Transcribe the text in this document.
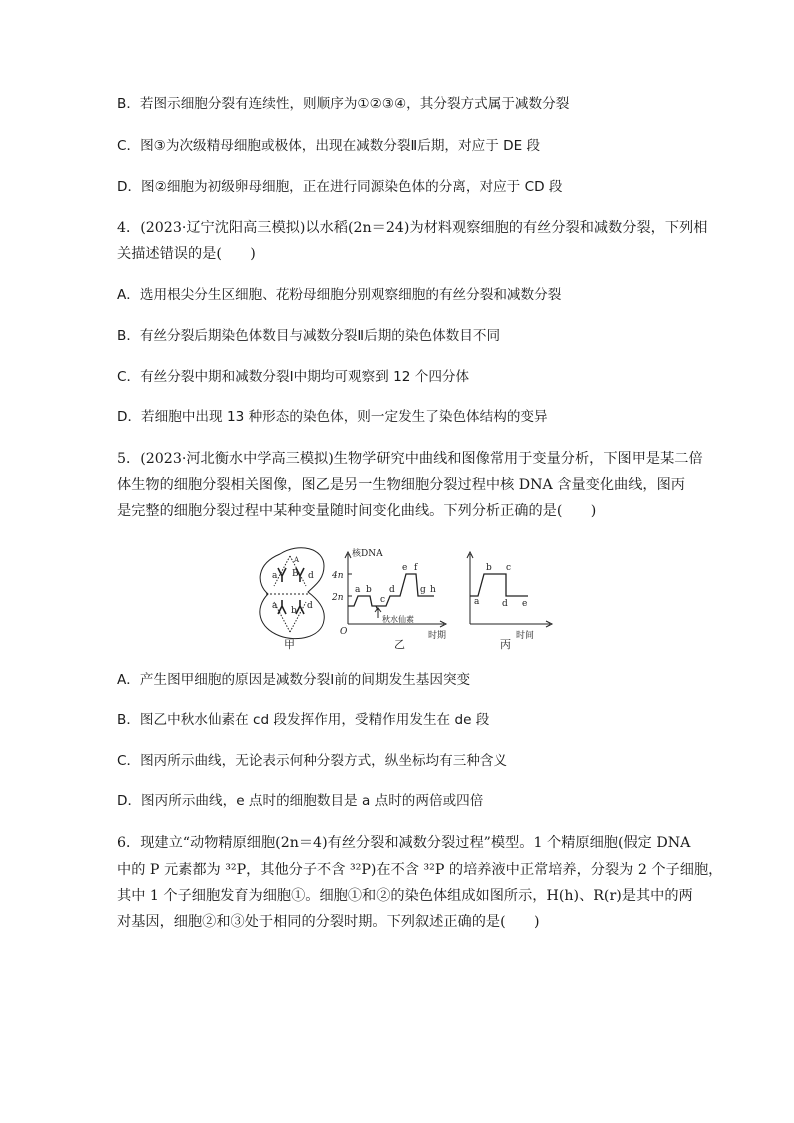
B．若图示细胞分裂有连续性，则顺序为①②③④，其分裂方式属于减数分裂
C．图③为次级精母细胞或极体，出现在减数分裂Ⅱ后期，对应于 DE 段
D．图②细胞为初级卵母细胞，正在进行同源染色体的分离，对应于 CD 段
4．(2023·辽宁沈阳高三模拟)以水稻(2n＝24)为材料观察细胞的有丝分裂和减数分裂，下列相
关描述错误的是(　　)
A．选用根尖分生区细胞、花粉母细胞分别观察细胞的有丝分裂和减数分裂
B．有丝分裂后期染色体数目与减数分裂Ⅱ后期的染色体数目不同
C．有丝分裂中期和减数分裂Ⅰ中期均可观察到 12 个四分体
D．若细胞中出现 13 种形态的染色体，则一定发生了染色体结构的变异
5．(2023·河北衡水中学高三模拟)生物学研究中曲线和图像常用于变量分析，下图甲是某二倍
体生物的细胞分裂相关图像，图乙是另一生物细胞分裂过程中核 DNA 含量变化曲线，图丙
是完整的细胞分裂过程中某种变量随时间变化曲线。下列分析正确的是(　　)
a B d
A
a b d
甲
核DNA
4n
2n
O
a b
c
d
e f
g h
秋水仙素
时期
乙
a
b c
d e
时间
丙
A．产生图甲细胞的原因是减数分裂Ⅰ前的间期发生基因突变
B．图乙中秋水仙素在 cd 段发挥作用，受精作用发生在 de 段
C．图丙所示曲线，无论表示何种分裂方式，纵坐标均有三种含义
D．图丙所示曲线，e 点时的细胞数目是 a 点时的两倍或四倍
6．现建立“动物精原细胞(2n＝4)有丝分裂和减数分裂过程”模型。1 个精原细胞(假定 DNA
中的 P 元素都为 ³²P，其他分子不含 ³²P)在不含 ³²P 的培养液中正常培养，分裂为 2 个子细胞，
其中 1 个子细胞发育为细胞①。细胞①和②的染色体组成如图所示，H(h)、R(r)是其中的两
对基因，细胞②和③处于相同的分裂时期。下列叙述正确的是(　　)
